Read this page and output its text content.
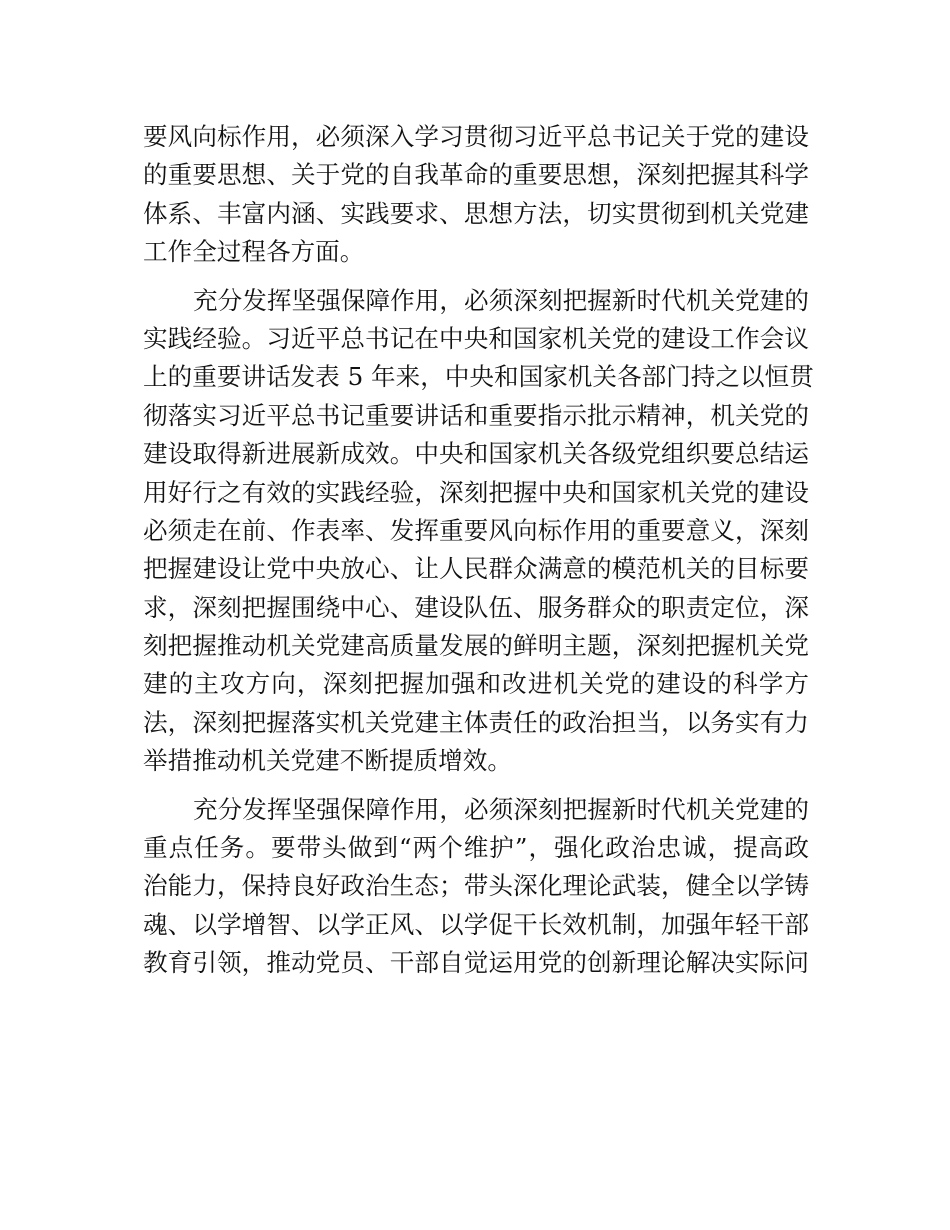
要风向标作用，必须深入学习贯彻习近平总书记关于党的建设
的重要思想、关于党的自我革命的重要思想，深刻把握其科学
体系、丰富内涵、实践要求、思想方法，切实贯彻到机关党建
工作全过程各方面。
充分发挥坚强保障作用，必须深刻把握新时代机关党建的
实践经验。习近平总书记在中央和国家机关党的建设工作会议
上的重要讲话发表 5 年来，中央和国家机关各部门持之以恒贯
彻落实习近平总书记重要讲话和重要指示批示精神，机关党的
建设取得新进展新成效。中央和国家机关各级党组织要总结运
用好行之有效的实践经验，深刻把握中央和国家机关党的建设
必须走在前、作表率、发挥重要风向标作用的重要意义，深刻
把握建设让党中央放心、让人民群众满意的模范机关的目标要
求，深刻把握围绕中心、建设队伍、服务群众的职责定位，深
刻把握推动机关党建高质量发展的鲜明主题，深刻把握机关党
建的主攻方向，深刻把握加强和改进机关党的建设的科学方
法，深刻把握落实机关党建主体责任的政治担当，以务实有力
举措推动机关党建不断提质增效。
充分发挥坚强保障作用，必须深刻把握新时代机关党建的
重点任务。要带头做到“两个维护”，强化政治忠诚，提高政
治能力，保持良好政治生态；带头深化理论武装，健全以学铸
魂、以学增智、以学正风、以学促干长效机制，加强年轻干部
教育引领，推动党员、干部自觉运用党的创新理论解决实际问
